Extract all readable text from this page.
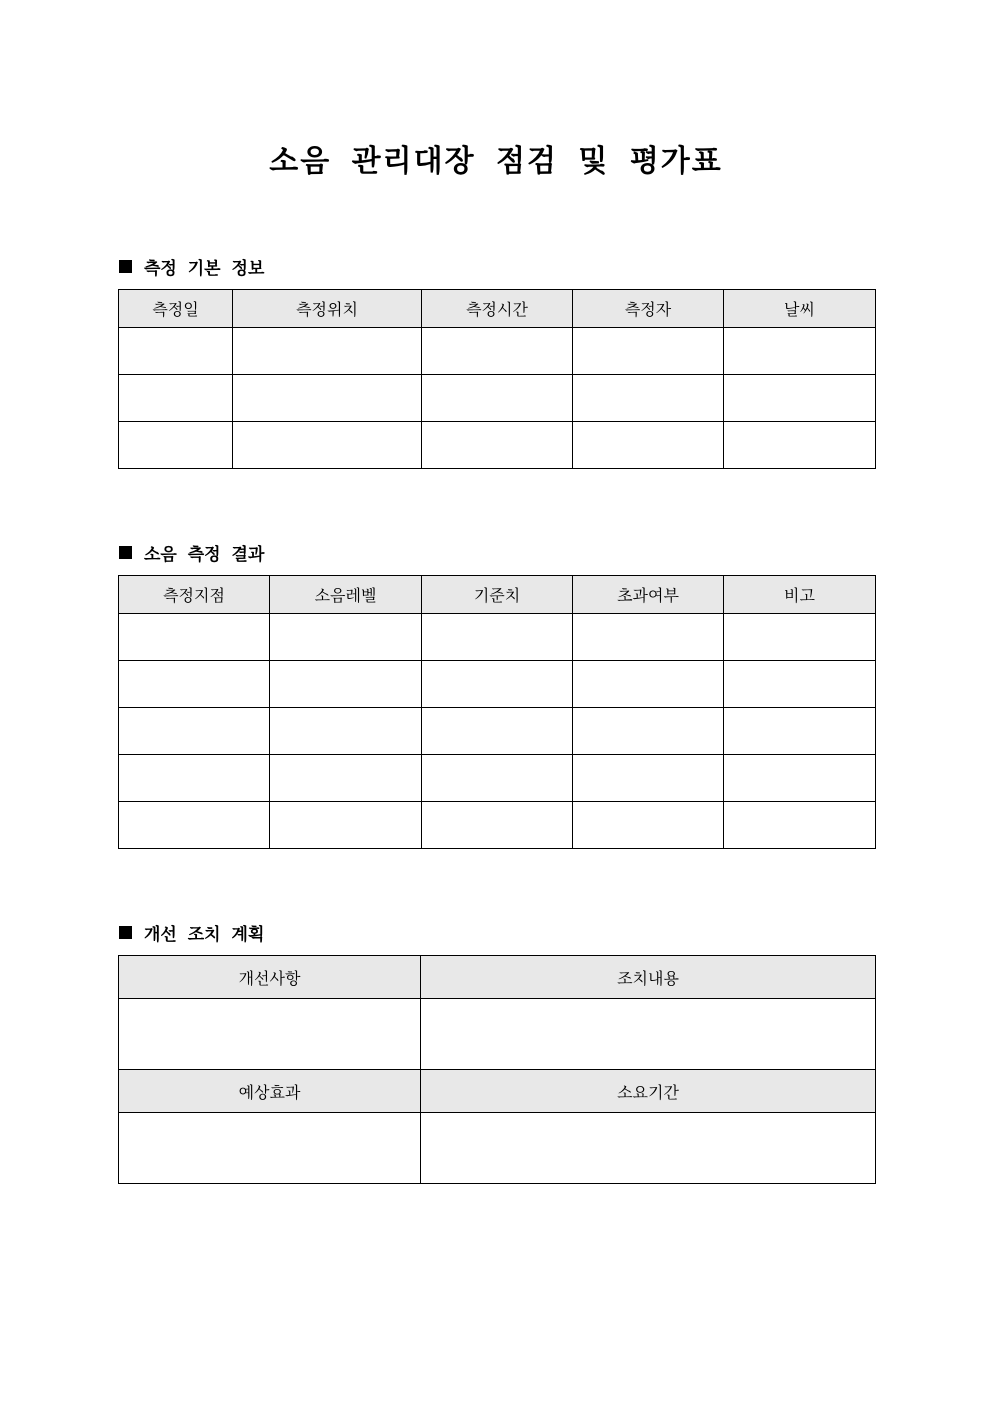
소음 관리대장 점검 및 평가표
측정 기본 정보
측정일	측정위치	측정시간	측정자	날씨

소음 측정 결과
측정지점	소음레벨	기준치	초과여부	비고

개선 조치 계획
개선사항	조치내용

예상효과	소요기간
